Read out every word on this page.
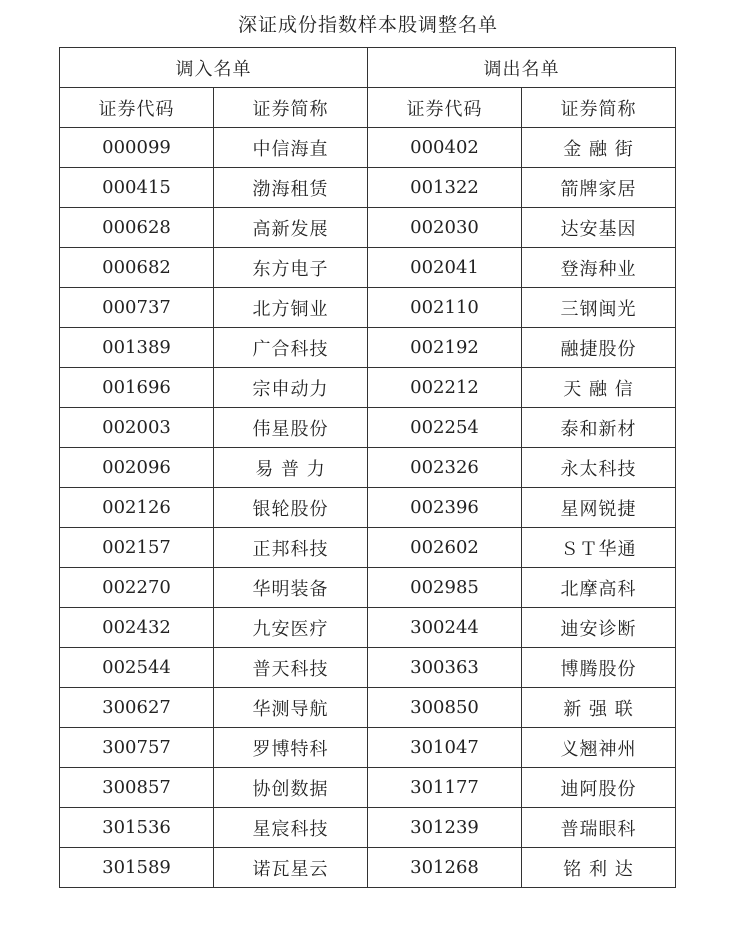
深证成份指数样本股调整名单
调入名单		调出名单	
证券代码	证券简称	证券代码	证券简称
000099	中信海直	000402	金 融 街
000415	渤海租赁	001322	箭牌家居
000628	高新发展	002030	达安基因
000682	东方电子	002041	登海种业
000737	北方铜业	002110	三钢闽光
001389	广合科技	002192	融捷股份
001696	宗申动力	002212	天 融 信
002003	伟星股份	002254	泰和新材
002096	易 普 力	002326	永太科技
002126	银轮股份	002396	星网锐捷
002157	正邦科技	002602	ＳＴ华通
002270	华明装备	002985	北摩高科
002432	九安医疗	300244	迪安诊断
002544	普天科技	300363	博腾股份
300627	华测导航	300850	新 强 联
300757	罗博特科	301047	义翘神州
300857	协创数据	301177	迪阿股份
301536	星宸科技	301239	普瑞眼科
301589	诺瓦星云	301268	铭 利 达
